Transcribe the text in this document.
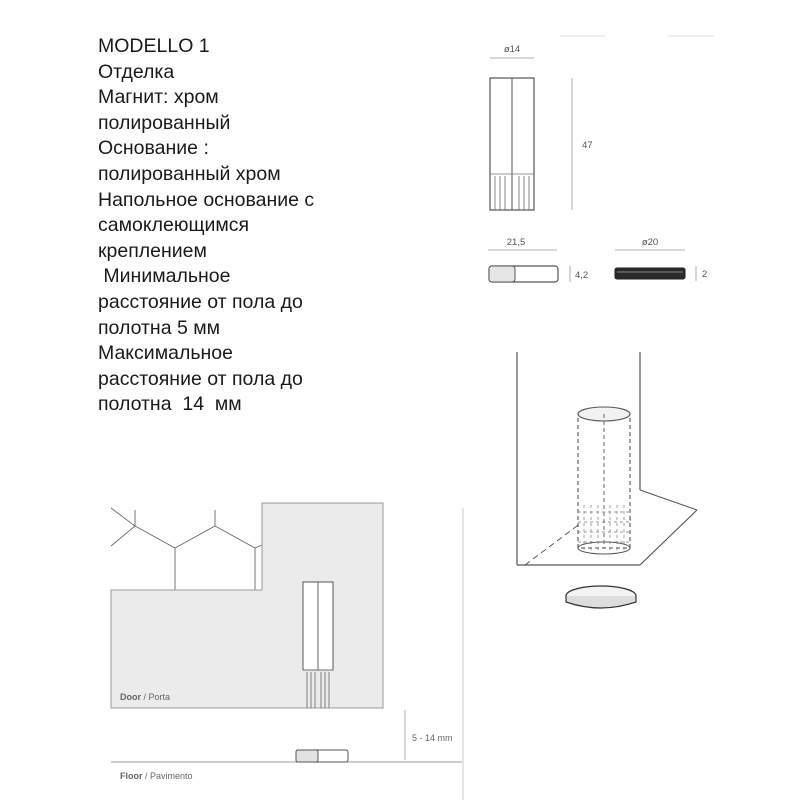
MODELLO 1
Отделка
Магнит: хром
полированный
Основание :
полированный хром
Напольное основание с
самоклеющимся
креплением
Минимальное
расстояние от пола до
полотна 5 мм
Максимальное
расстояние от пола до
полотна  14  мм
ø14
47
21,5
4,2
ø20
2
Door / Porta
Floor / Pavimento
5 - 14 mm
